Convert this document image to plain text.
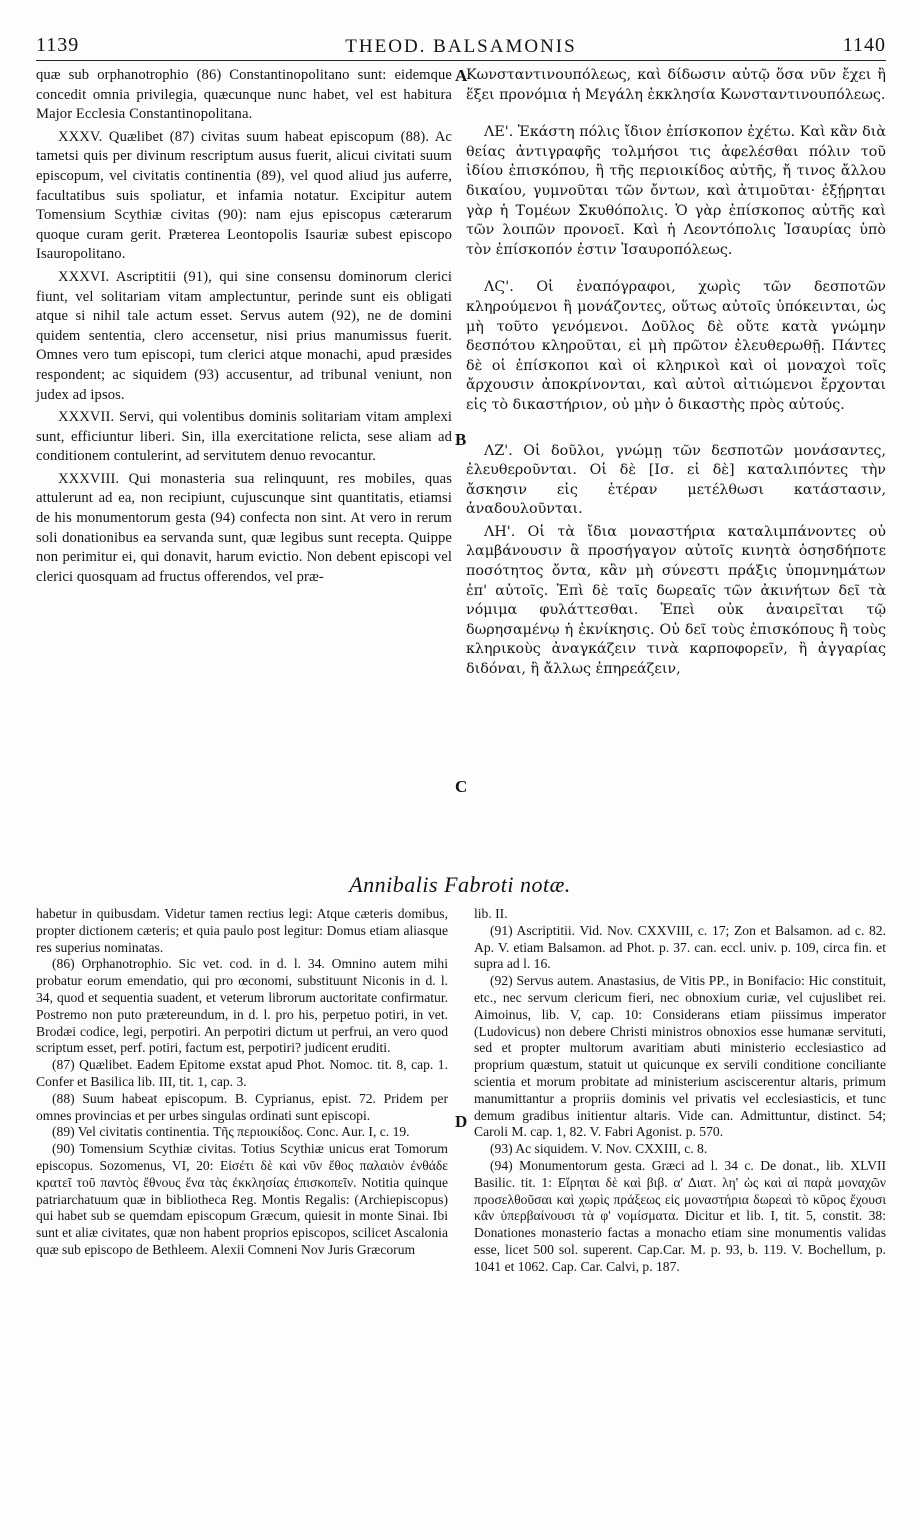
1139	THEOD. BALSAMONIS	1140

quæ sub orphanotrophio (86) Constantinopolitano sunt: eidemque concedit omnia privilegia, quæcunque nunc habet, vel est habitura Major Ecclesia Constantinopolitana.

XXXV. Quælibet (87) civitas suum habeat episcopum (88). Ac tametsi quis per divinum rescriptum ausus fuerit, alicui civitati suum episcopum, vel civitatis continentia (89), vel quod aliud jus auferre, facultatibus suis spoliatur, et infamia notatur. Excipitur autem Tomensium Scythiæ civitas (90): nam ejus episcopus cæterarum quoque curam gerit. Præterea Leontopolis Isauriæ subest episcopo Isauropolitano.

XXXVI. Ascriptitii (91), qui sine consensu dominorum clerici fiunt, vel solitariam vitam amplectuntur, perinde sunt eis obligati atque si nihil tale actum esset. Servus autem (92), ne de domini quidem sententia, clero accensetur, nisi prius manumissus fuerit. Omnes vero tum episcopi, tum clerici atque monachi, apud præsides respondent; ac siquidem (93) accusentur, ad tribunal veniunt, non judex ad ipsos.

XXXVII. Servi, qui volentibus dominis solitariam vitam amplexi sunt, efficiuntur liberi. Sin, illa exercitatione relicta, sese aliam ad conditionem contulerint, ad servitutem denuo revocantur.

XXXVIII. Qui monasteria sua relinquunt, res mobiles, quas attulerunt ad ea, non recipiunt, cujuscunque sint quantitatis, etiamsi de his monumentorum gesta (94) confecta non sint. At vero in rerum soli donationibus ea servanda sunt, quæ legibus sunt recepta. Quippe non perimitur ei, qui donavit, harum evictio. Non debent episcopi vel clerici quosquam ad fructus offerendos, vel præ-

A
B
C
D

Κωνσταντινουπόλεως, καὶ δίδωσιν αὐτῷ ὅσα νῦν ἔχει ἢ ἕξει προνόμια ἡ Μεγάλη ἐκκλησία Κωνσταντινουπόλεως.

ΛΕ'. Ἑκάστη πόλις ἴδιον ἐπίσκοπον ἐχέτω. Καὶ κἂν διὰ θείας ἀντιγραφῆς τολμήσοι τις ἀφελέσθαι πόλιν τοῦ ἰδίου ἐπισκόπου, ἢ τῆς περιοικίδος αὐτῆς, ἤ τινος ἄλλου δικαίου, γυμνοῦται τῶν ὄντων, καὶ ἀτιμοῦται· ἐξῄρηται γὰρ ἡ Τομέων Σκυθόπολις. Ὁ γὰρ ἐπίσκοπος αὐτῆς καὶ τῶν λοιπῶν προνοεῖ. Καὶ ἡ Λεοντόπολις Ἰσαυρίας ὑπὸ τὸν ἐπίσκοπόν ἐστιν Ἰσαυροπόλεως.

ΛϚ'. Οἱ ἐναπόγραφοι, χωρὶς τῶν δεσποτῶν κληρούμενοι ἢ μονάζοντες, οὕτως αὐτοῖς ὑπόκεινται, ὡς μὴ τοῦτο γενόμενοι. Δοῦλος δὲ οὔτε κατὰ γνώμην δεσπότου κληροῦται, εἰ μὴ πρῶτον ἐλευθερωθῇ. Πάντες δὲ οἱ ἐπίσκοποι καὶ οἱ κληρικοὶ καὶ οἱ μοναχοὶ τοῖς ἄρχουσιν ἀποκρίνονται, καὶ αὐτοὶ αἰτιώμενοι ἔρχονται εἰς τὸ δικαστήριον, οὐ μὴν ὁ δικαστὴς πρὸς αὐτούς.

ΛΖ'. Οἱ δοῦλοι, γνώμῃ τῶν δεσποτῶν μονάσαντες, ἐλευθεροῦνται. Οἱ δὲ [Ισ. εἰ δὲ] καταλιπόντες τὴν ἄσκησιν εἰς ἑτέραν μετέλθωσι κατάστασιν, ἀναδουλοῦνται.

ΛΗ'. Οἱ τὰ ἴδια μοναστήρια καταλιμπάνοντες οὐ λαμβάνουσιν ἃ προσήγαγον αὐτοῖς κινητὰ ὁσησδήποτε ποσότητος ὄντα, κἂν μὴ σύνεστι πράξις ὑπομνημάτων ἐπ' αὐτοῖς. Ἐπὶ δὲ ταῖς δωρεαῖς τῶν ἀκινήτων δεῖ τὰ νόμιμα φυλάττεσθαι. Ἐπεὶ οὐκ ἀναιρεῖται τῷ δωρησαμένῳ ἡ ἐκνίκησις. Οὐ δεῖ τοὺς ἐπισκόπους ἢ τοὺς κληρικοὺς ἀναγκάζειν τινὰ καρποφορεῖν, ἢ ἀγγαρίας διδόναι, ἢ ἄλλως ἐπηρεάζειν,

Annibalis Fabroti notæ.

habetur in quibusdam. Videtur tamen rectius legi: Atque cæteris domibus, propter dictionem cæteris; et quia paulo post legitur: Domus etiam aliasque res superius nominatas.

(86) Orphanotrophio. Sic vet. cod. in d. l. 34. Omnino autem mihi probatur eorum emendatio, qui pro œconomi, substituunt Niconis in d. l. 34, quod et sequentia suadent, et veterum librorum auctoritate confirmatur. Postremo non puto prætereundum, in d. l. pro his, perpetuo potiri, in vet. Brodæi codice, legi, perpotiri. An perpotiri dictum ut perfrui, an vero quod scriptum esset, perf. potiri, factum est, perpotiri? judicent eruditi.

(87) Quælibet. Eadem Epitome exstat apud Phot. Nomoc. tit. 8, cap. 1. Confer et Basilica lib. III, tit. 1, cap. 3.

(88) Suum habeat episcopum. B. Cyprianus, epist. 72. Pridem per omnes provincias et per urbes singulas ordinati sunt episcopi.

(89) Vel civitatis continentia. Τῆς περιοικίδος. Conc. Aur. I, c. 19.

(90) Tomensium Scythiæ civitas. Totius Scythiæ unicus erat Tomorum episcopus. Sozomenus, VI, 20: Εἰσέτι δὲ καὶ νῦν ἔθος παλαιὸν ἐνθάδε κρατεῖ τοῦ παντὸς ἔθνους ἕνα τὰς ἐκκλησίας ἐπισκοπεῖν. Notitia quinque patriarchatuum quæ in bibliotheca Reg. Montis Regalis: (Archiepiscopus) qui habet sub se quemdam episcopum Græcum, quiesit in monte Sinai. Ibi sunt et aliæ civitates, quæ non habent proprios episcopos, scilicet Ascalonia quæ sub episcopo de Bethleem. Alexii Comneni Nov Juris Græcorum

lib. II.

(91) Ascriptitii. Vid. Nov. CXXVIII, c. 17; Zon et Balsamon. ad c. 82. Ap. V. etiam Balsamon. ad Phot. p. 37. can. eccl. univ. p. 109, circa fin. et supra ad l. 16.

(92) Servus autem. Anastasius, de Vitis PP., in Bonifacio: Hic constituit, etc., nec servum clericum fieri, nec obnoxium curiæ, vel cujuslibet rei. Aimoinus, lib. V, cap. 10: Considerans etiam piissimus imperator (Ludovicus) non debere Christi ministros obnoxios esse humanæ servituti, sed et propter multorum avaritiam abuti ministerio ecclesiastico ad proprium quæstum, statuit ut quicunque ex servili conditione conciliante scientia et morum probitate ad ministerium asciscerentur altaris, primum manumittantur a propriis dominis vel privatis vel ecclesiasticis, et tunc demum gradibus initientur altaris. Vide can. Admittuntur, distinct. 54; Caroli M. cap. 1, 82. V. Fabri Agonist. p. 570.

(93) Ac siquidem. V. Nov. CXXIII, c. 8.

(94) Monumentorum gesta. Græci ad l. 34 c. De donat., lib. XLVII Basilic. tit. 1: Εἴρηται δὲ καὶ βιβ. α' Διατ. λη' ὡς καὶ αἱ παρὰ μοναχῶν προσελθοῦσαι καὶ χωρὶς πράξεως εἰς μοναστήρια δωρεαὶ τὸ κῦρος ἔχουσι κἂν ὑπερβαίνουσι τὰ φ' νομίσματα. Dicitur et lib. I, tit. 5, constit. 38: Donationes monasterio factas a monacho etiam sine monumentis validas esse, licet 500 sol. superent. Cap.Car. M. p. 93, b. 119. V. Bochellum, p. 1041 et 1062. Cap. Car. Calvi, p. 187.
